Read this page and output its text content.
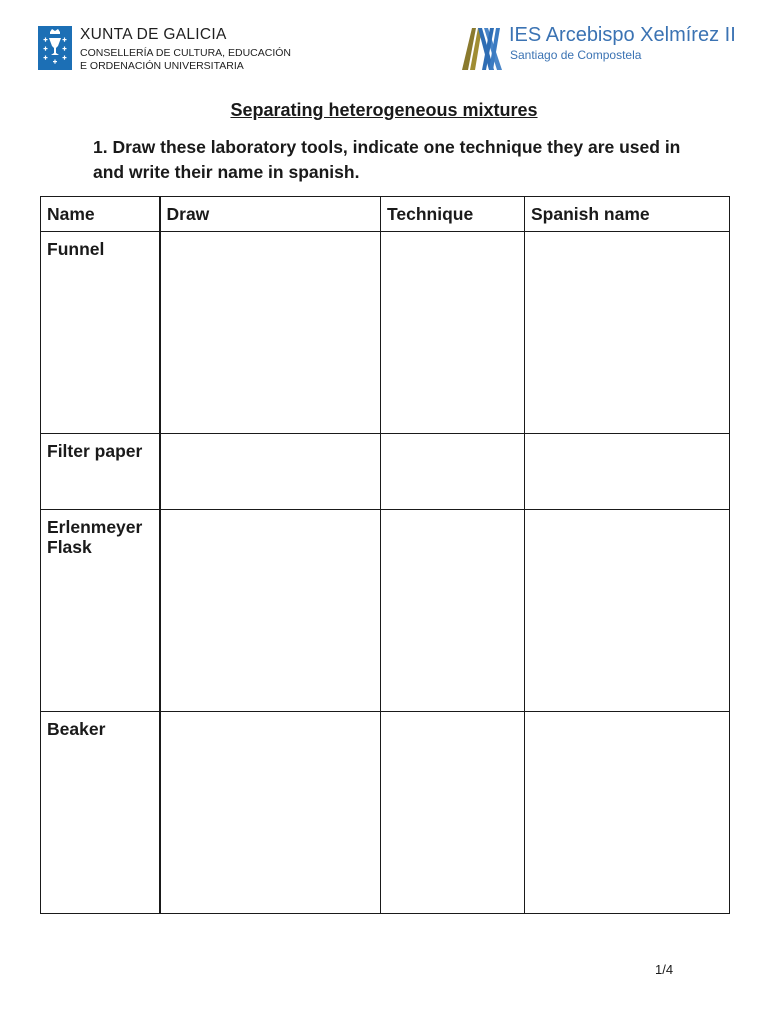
XUNTA DE GALICIA
CONSELLERÍA DE CULTURA, EDUCACIÓN
E ORDENACIÓN UNIVERSITARIA
IES Arcebispo Xelmírez II
Santiago de Compostela
Separating heterogeneous mixtures
1. Draw these laboratory tools, indicate one technique they are used in and write their name in spanish.
Name	Draw	Technique	Spanish name
Funnel			
Filter paper			
Erlenmeyer Flask			
Beaker			
1/4
